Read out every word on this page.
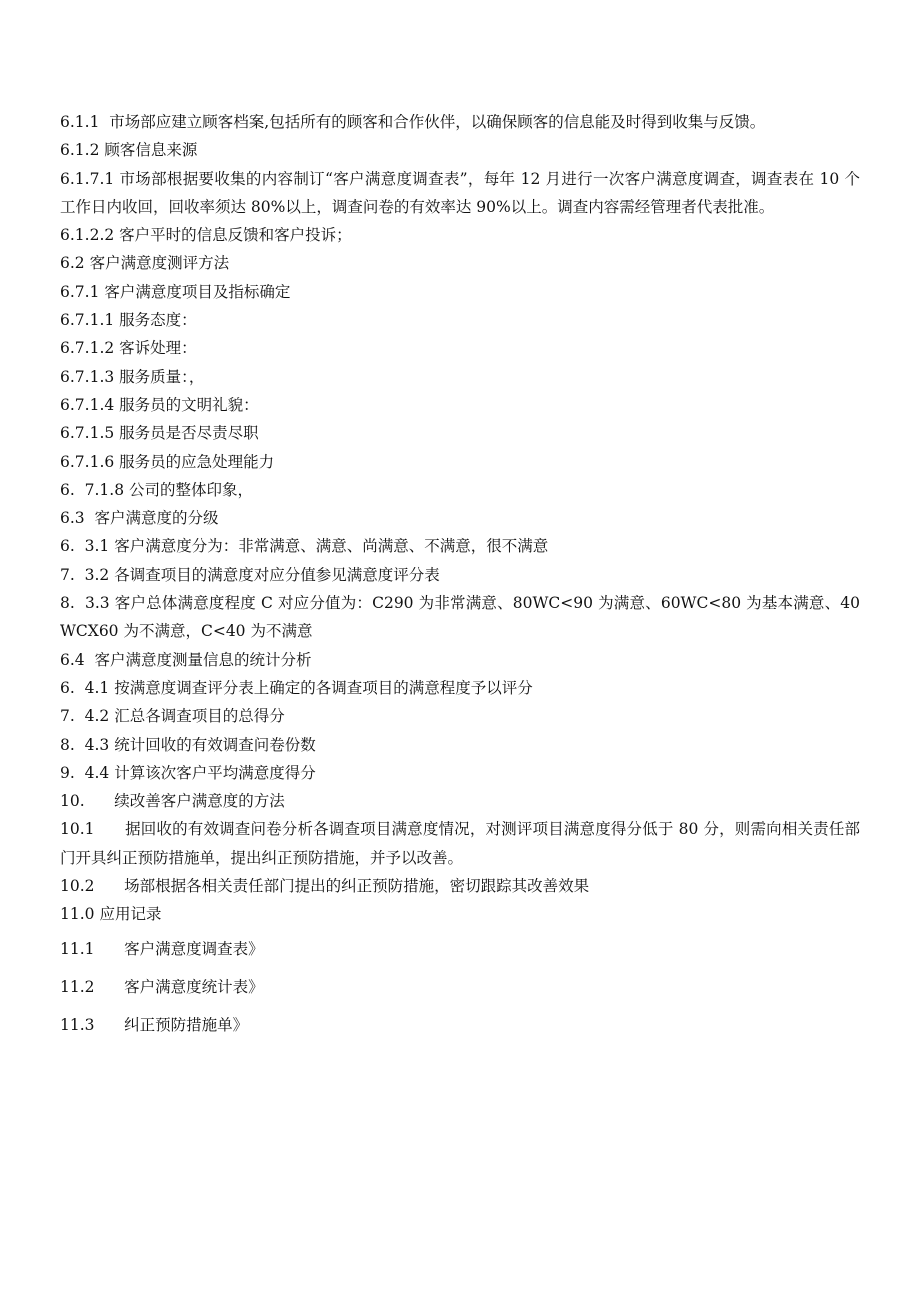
6.1.1  市场部应建立顾客档案,包括所有的顾客和合作伙伴，以确保顾客的信息能及时得到收集与反馈。

6.1.2 顾客信息来源

6.1.7.1 市场部根据要收集的内容制订“客户满意度调查表”，每年 12 月进行一次客户满意度调查，调查表在 10 个工作日内收回，回收率须达 80%以上，调查问卷的有效率达 90%以上。调查内容需经管理者代表批准。

6.1.2.2 客户平时的信息反馈和客户投诉；

6.2 客户满意度测评方法

6.7.1 客户满意度项目及指标确定

6.7.1.1 服务态度：

6.7.1.2 客诉处理：

6.7.1.3 服务质量：，

6.7.1.4 服务员的文明礼貌：

6.7.1.5 服务员是否尽责尽职

6.7.1.6 服务员的应急处理能力

6.  7.1.8 公司的整体印象，

6.3  客户满意度的分级

6.  3.1 客户满意度分为：非常满意、满意、尚满意、不满意，很不满意

7.  3.2 各调查项目的满意度对应分值参见满意度评分表

8.  3.3 客户总体满意度程度 C 对应分值为：C290 为非常满意、80WC<90 为满意、60WC<80 为基本满意、40WCX60 为不满意，C<40 为不满意

6.4  客户满意度测量信息的统计分析

6.  4.1 按满意度调查评分表上确定的各调查项目的满意程度予以评分

7.  4.2 汇总各调查项目的总得分

8.  4.3 统计回收的有效调查问卷份数

9.  4.4 计算该次客户平均满意度得分

10.      续改善客户满意度的方法

10.1      据回收的有效调查问卷分析各调查项目满意度情况，对测评项目满意度得分低于 80 分，则需向相关责任部门开具纠正预防措施单，提出纠正预防措施，并予以改善。

10.2      场部根据各相关责任部门提出的纠正预防措施，密切跟踪其改善效果

11.0 应用记录

11.1      客户满意度调查表》

11.2      客户满意度统计表》

11.3      纠正预防措施单》
